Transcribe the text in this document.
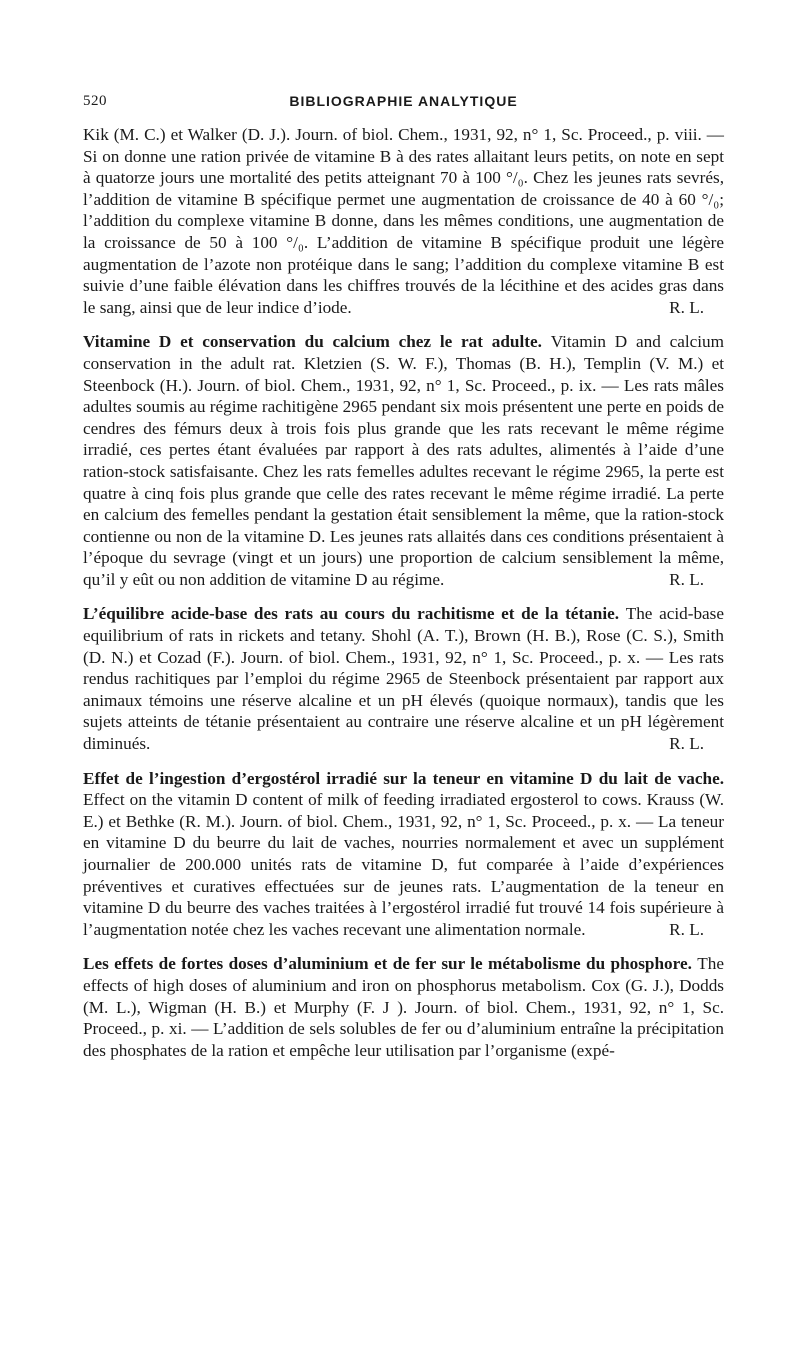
520	BIBLIOGRAPHIE ANALYTIQUE
Kik (M. C.) et Walker (D. J.). Journ. of biol. Chem., 1931, 92, n° 1, Sc. Proceed., p. viii. — Si on donne une ration privée de vitamine B à des rates allaitant leurs petits, on note en sept à quatorze jours une mortalité des petits atteignant 70 à 100 °/₀. Chez les jeunes rats sevrés, l’addition de vitamine B spécifique permet une augmentation de croissance de 40 à 60 °/₀; l’addition du complexe vitamine B donne, dans les mêmes conditions, une augmentation de la croissance de 50 à 100 °/₀. L’addition de vitamine B spécifique produit une légère augmentation de l’azote non protéique dans le sang; l’addition du complexe vitamine B est suivie d’une faible élévation dans les chiffres trouvés de la lécithine et des acides gras dans le sang, ainsi que de leur indice d’iode.	R. L.
Vitamine D et conservation du calcium chez le rat adulte. Vitamin D and calcium conservation in the adult rat. Kletzien (S. W. F.), Thomas (B. H.), Templin (V. M.) et Steenbock (H.). Journ. of biol. Chem., 1931, 92, n° 1, Sc. Proceed., p. ix. — Les rats mâles adultes soumis au régime rachitigène 2965 pendant six mois présentent une perte en poids de cendres des fémurs deux à trois fois plus grande que les rats recevant le même régime irradié, ces pertes étant évaluées par rapport à des rats adultes, alimentés à l’aide d’une ration-stock satisfaisante. Chez les rats femelles adultes recevant le régime 2965, la perte est quatre à cinq fois plus grande que celle des rates recevant le même régime irradié. La perte en calcium des femelles pendant la gestation était sensiblement la même, que la ration-stock contienne ou non de la vitamine D. Les jeunes rats allaités dans ces conditions présentaient à l’époque du sevrage (vingt et un jours) une proportion de calcium sensiblement la même, qu’il y eût ou non addition de vitamine D au régime.	R. L.
L’équilibre acide-base des rats au cours du rachitisme et de la tétanie. The acid-base equilibrium of rats in rickets and tetany. Shohl (A. T.), Brown (H. B.), Rose (C. S.), Smith (D. N.) et Cozad (F.). Journ. of biol. Chem., 1931, 92, n° 1, Sc. Proceed., p. x. — Les rats rendus rachitiques par l’emploi du régime 2965 de Steenbock présentaient par rapport aux animaux témoins une réserve alcaline et un pH élevés (quoique normaux), tandis que les sujets atteints de tétanie présentaient au contraire une réserve alcaline et un pH légèrement diminués.	R. L.
Effet de l’ingestion d’ergostérol irradié sur la teneur en vitamine D du lait de vache. Effect on the vitamin D content of milk of feeding irradiated ergosterol to cows. Krauss (W. E.) et Bethke (R. M.). Journ. of biol. Chem., 1931, 92, n° 1, Sc. Proceed., p. x. — La teneur en vitamine D du beurre du lait de vaches, nourries normalement et avec un supplément journalier de 200.000 unités rats de vitamine D, fut comparée à l’aide d’expériences préventives et curatives effectuées sur de jeunes rats. L’augmentation de la teneur en vitamine D du beurre des vaches traitées à l’ergostérol irradié fut trouvé 14 fois supérieure à l’augmentation notée chez les vaches recevant une alimentation normale.	R. L.
Les effets de fortes doses d’aluminium et de fer sur le métabolisme du phosphore. The effects of high doses of aluminium and iron on phosphorus metabolism. Cox (G. J.), Dodds (M. L.), Wigman (H. B.) et Murphy (F. J ). Journ. of biol. Chem., 1931, 92, n° 1, Sc. Proceed., p. xi. — L’addition de sels solubles de fer ou d’aluminium entraîne la précipitation des phosphates de la ration et empêche leur utilisation par l’organisme (expé-
